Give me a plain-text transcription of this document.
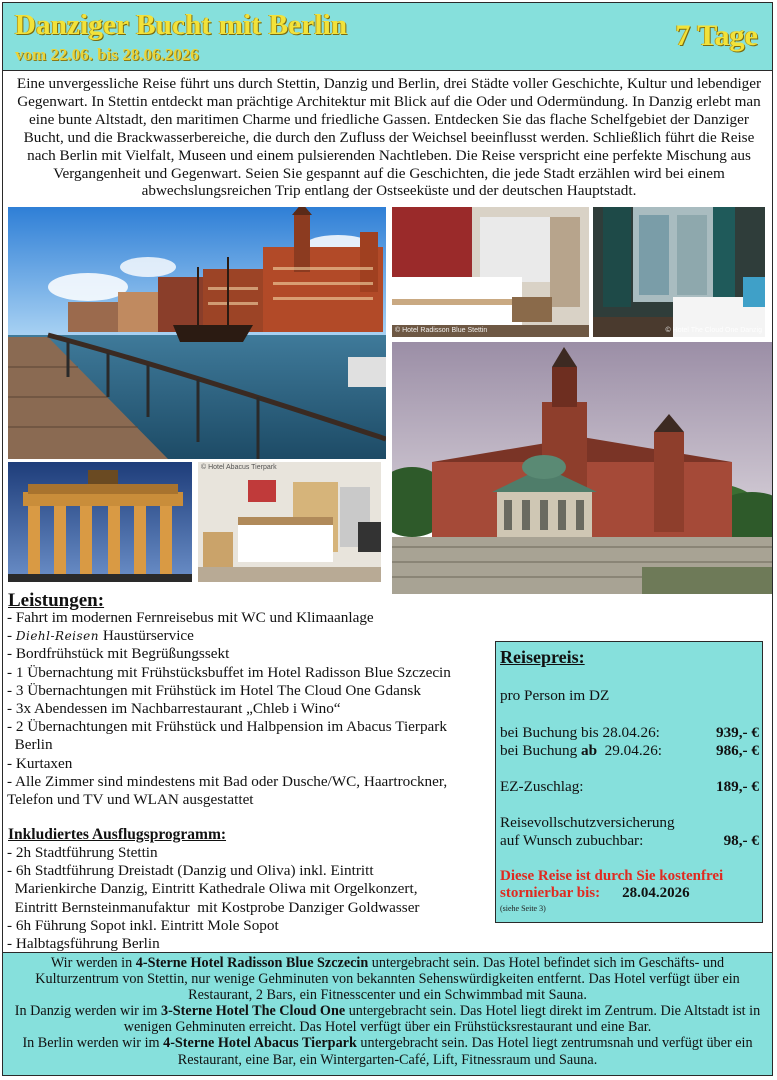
Danziger Bucht mit Berlin
vom 22.06. bis 28.06.2026
7 Tage
Eine unvergessliche Reise führt uns durch Stettin, Danzig und Berlin, drei Städte voller Geschichte, Kultur und lebendiger Gegenwart. In Stettin entdeckt man prächtige Architektur mit Blick auf die Oder und Odermündung. In Danzig erlebt man eine bunte Altstadt, den maritimen Charme und friedliche Gassen. Entdecken Sie das flache Schelfgebiet der Danziger Bucht, und die Brackwasserbereiche, die durch den Zufluss der Weichsel beeinflusst werden. Schließlich führt die Reise nach Berlin mit Vielfalt, Museen und einem pulsierenden Nachtleben. Die Reise verspricht eine perfekte Mischung aus Vergangenheit und Gegenwart. Seien Sie gespannt auf die Geschichten, die jede Stadt erzählen wird bei einem abwechslungsreichen Trip entlang der Ostseeküste und der deutschen Hauptstadt.
© Hotel Radisson Blue Stettin	© Hotel The Cloud One Danzig
© Hotel Abacus Tierpark
Leistungen:
- Fahrt im modernen Fernreisebus mit WC und Klimaanlage
- Diehl-Reisen Haustürservice
- Bordfrühstück mit Begrüßungssekt
- 1 Übernachtung mit Frühstücksbuffet im Hotel Radisson Blue Szczecin
- 3 Übernachtungen mit Frühstück im Hotel The Cloud One Gdansk
- 3x Abendessen im Nachbarrestaurant „Chleb i Wino“
- 2 Übernachtungen mit Frühstück und Halbpension im Abacus Tierpark
Berlin
- Kurtaxen
- Alle Zimmer sind mindestens mit Bad oder Dusche/WC, Haartrockner,
Telefon und TV und WLAN ausgestattet
Inkludiertes Ausflugsprogramm:
- 2h Stadtführung Stettin
- 6h Stadtführung Dreistadt (Danzig und Oliva) inkl. Eintritt
Marienkirche Danzig, Eintritt Kathedrale Oliwa mit Orgelkonzert,
Eintritt Bernsteinmanufaktur  mit Kostprobe Danziger Goldwasser
- 6h Führung Sopot inkl. Eintritt Mole Sopot
- Halbtagsführung Berlin
Reisepreis:
pro Person im DZ
bei Buchung bis 28.04.26:	939,- €
bei Buchung ab  29.04.26:	986,- €
EZ-Zuschlag:	189,- €
Reisevollschutzversicherung
auf Wunsch zubuchbar:	98,- €
Diese Reise ist durch Sie kostenfrei
stornierbar bis: 28.04.2026
(siehe Seite 3)
Wir werden in 4-Sterne Hotel Radisson Blue Szczecin untergebracht sein. Das Hotel befindet sich im Geschäfts- und Kulturzentrum von Stettin, nur wenige Gehminuten von bekannten Sehenswürdigkeiten entfernt. Das Hotel verfügt über ein Restaurant, 2 Bars, ein Fitnesscenter und ein Schwimmbad mit Sauna.
In Danzig werden wir im 3-Sterne Hotel The Cloud One untergebracht sein. Das Hotel liegt direkt im Zentrum. Die Altstadt ist in wenigen Gehminuten erreicht. Das Hotel verfügt über ein Frühstücksrestaurant und eine Bar.
In Berlin werden wir im 4-Sterne Hotel Abacus Tierpark untergebracht sein. Das Hotel liegt zentrumsnah und verfügt über ein Restaurant, eine Bar, ein Wintergarten-Café, Lift, Fitnessraum und Sauna.
